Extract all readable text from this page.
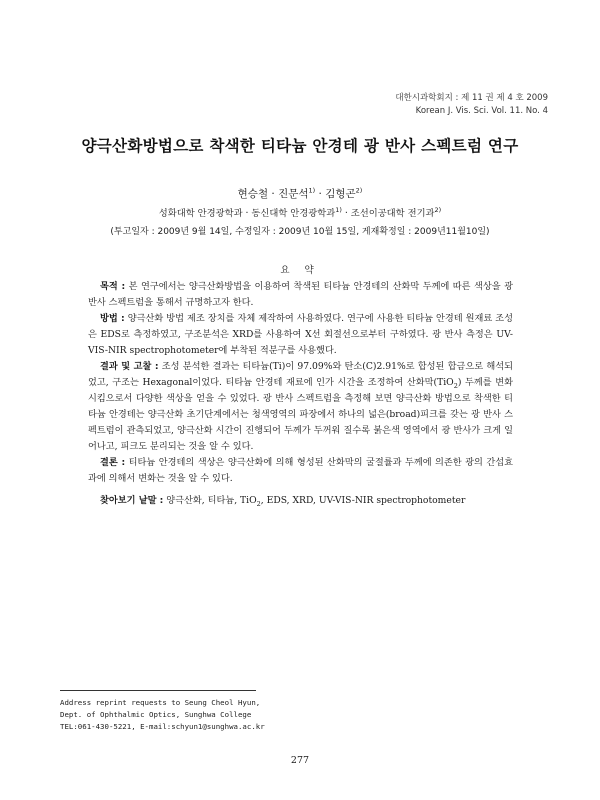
대한시과학회지 : 제 11 권 제 4 호 2009
Korean J. Vis. Sci. Vol. 11. No. 4
양극산화방법으로 착색한 티타늄 안경테 광 반사 스펙트럼 연구
현승철 · 진문석$^{1)}$ · 김형곤$^{2)}$
성화대학 안경광학과 · 동신대학 안경광학과$^{1)}$ · 조선이공대학 전기과$^{2)}$
(투고일자 : 2009년 9월 14일, 수정일자 : 2009년 10월 15일, 게재확정일 : 2009년11월10일)
요 약

목적 : 본 연구에서는 양극산화방법을 이용하여 착색된 티타늄 안경테의 산화막 두께에 따른 색상을 광 반사 스펙트럼을 통해서 규명하고자 한다.

방법 : 양극산화 방법 제조 장치를 자체 제작하여 사용하였다. 연구에 사용한 티타늄 안경테 원재료 조성은 EDS로 측정하였고, 구조분석은 XRD를 사용하여 X선 회절선으로부터 구하였다. 광 반사 측정은 UV-VIS-NIR spectrophotometer에 부착된 적분구를 사용했다.

결과 및 고찰 : 조성 분석한 결과는 티타늄(Ti)이 97.09%와 탄소(C)2.91%로 합성된 합금으로 해석되었고, 구조는 Hexagonal이었다. 티타늄 안경테 재료에 인가 시간을 조정하여 산화막(TiO$_2$) 두께를 변화시킴으로서 다양한 색상을 얻을 수 있었다. 광 반사 스펙트럼을 측정해 보면 양극산화 방법으로 착색한 티타늄 안경테는 양극산화 초기단계에서는 청색영역의 파장에서 하나의 넓은(broad)피크를 갖는 광 반사 스펙트럼이 관측되었고, 양극산화 시간이 진행되어 두께가 두꺼워 질수록 붉은색 영역에서 광 반사가 크게 일어나고, 피크도 분리되는 것을 알 수 있다.

결론 : 티타늄 안경테의 색상은 양극산화에 의해 형성된 산화막의 굴절률과 두께에 의존한 광의 간섭효과에 의해서 변화는 것을 알 수 있다.

찾아보기 낱말 : 양극산화, 티타늄, TiO$_2$, EDS, XRD, UV-VIS-NIR spectrophotometer
Address reprint requests to Seung Cheol Hyun,
Dept. of Ophthalmic Optics, Sunghwa College
TEL:061-430-5221, E-mail:schyun1@sunghwa.ac.kr
277
